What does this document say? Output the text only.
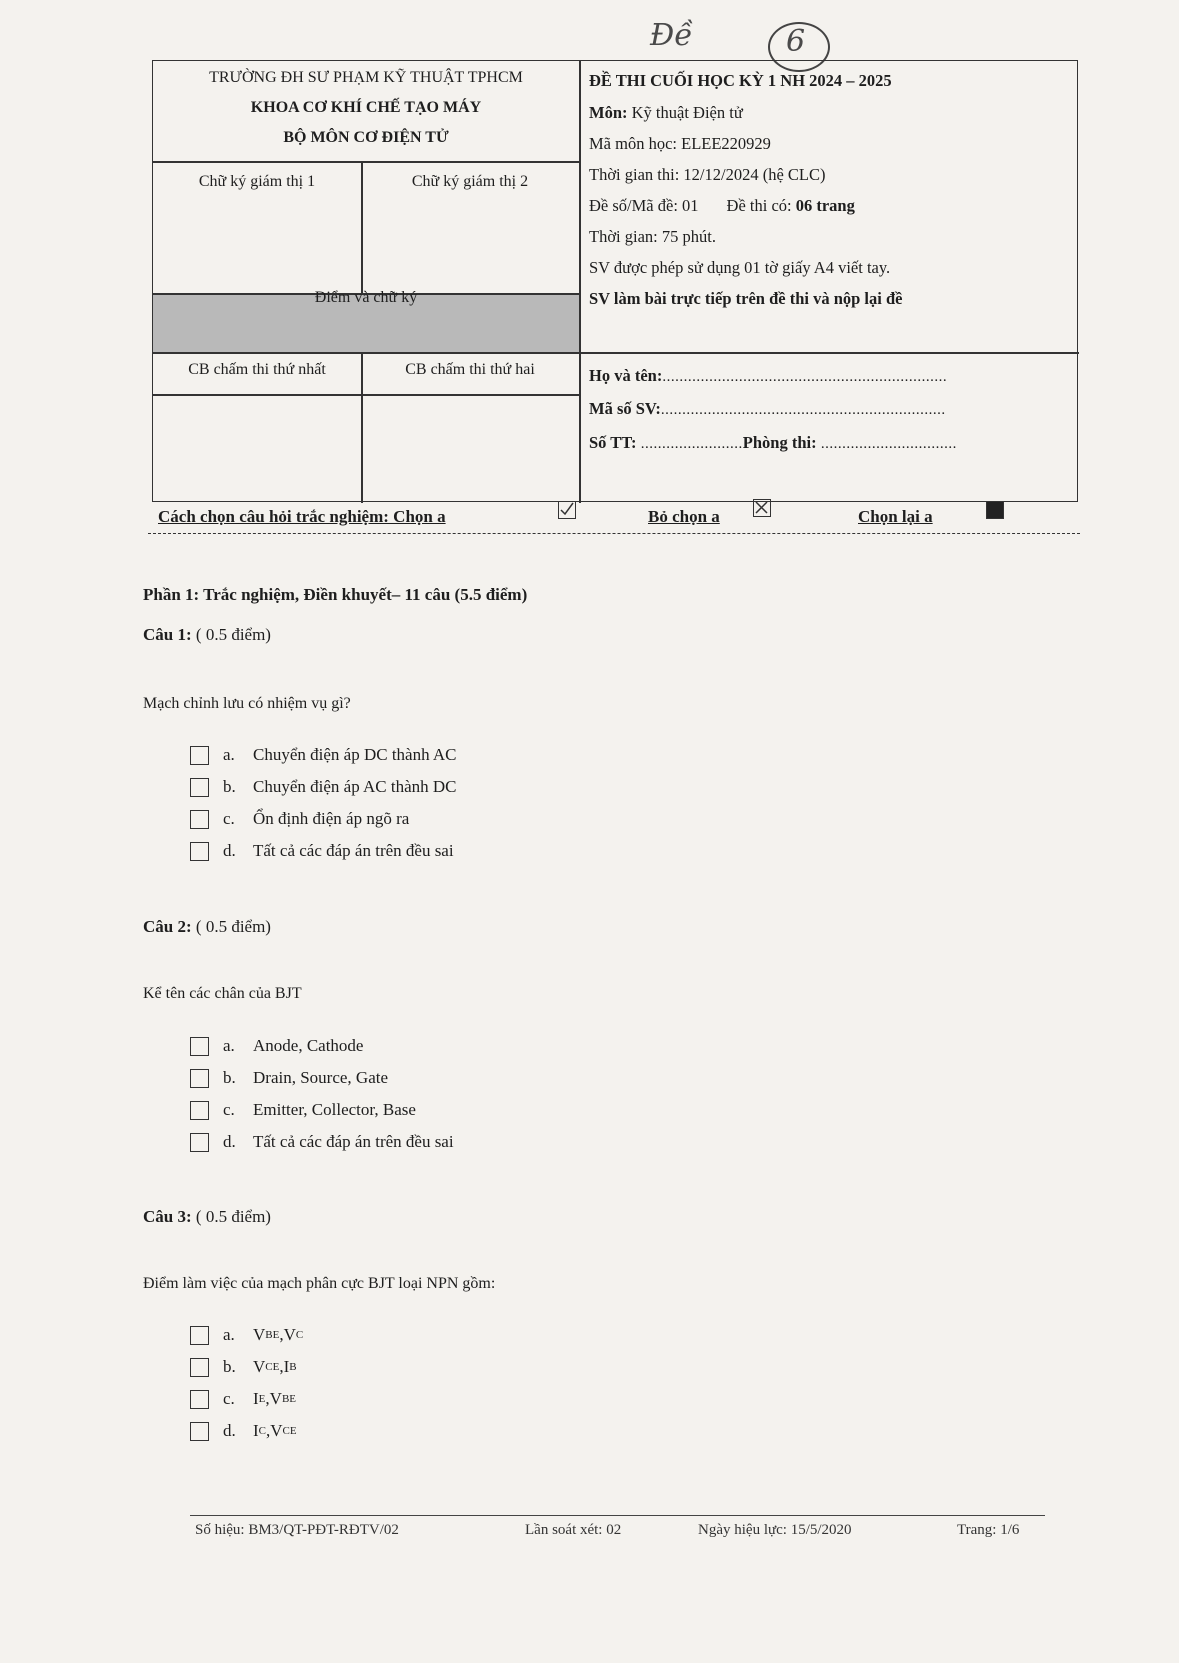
Đề	6
TRƯỜNG ĐH SƯ PHẠM KỸ THUẬT TPHCM
KHOA CƠ KHÍ CHẾ TẠO MÁY
BỘ MÔN CƠ ĐIỆN TỬ
Chữ ký giám thị 1	Chữ ký giám thị 2
Điểm và chữ ký
CB chấm thi thứ nhất	CB chấm thi thứ hai
ĐỀ THI CUỐI HỌC KỲ 1 NH 2024 – 2025
Môn: Kỹ thuật Điện tử
Mã môn học: ELEE220929
Thời gian thi: 12/12/2024 (hệ CLC)
Đề số/Mã đề: 01 Đề thi có: 06 trang
Thời gian: 75 phút.
SV được phép sử dụng 01 tờ giấy A4 viết tay.
SV làm bài trực tiếp trên đề thi và nộp lại đề
Họ và tên:...................................................................
Mã số SV:...................................................................
Số TT: ........................Phòng thi: ................................
Cách chọn câu hỏi trắc nghiệm: Chọn a	Bỏ chọn a	Chọn lại a
Phần 1: Trắc nghiệm, Điền khuyết– 11 câu (5.5 điểm)
Câu 1: ( 0.5 điểm)
Mạch chỉnh lưu có nhiệm vụ gì?
a.	Chuyển điện áp DC thành AC
b.	Chuyển điện áp AC thành DC
c.	Ổn định điện áp ngõ ra
d.	Tất cả các đáp án trên đều sai
Câu 2: ( 0.5 điểm)
Kể tên các chân của BJT
a.	Anode, Cathode
b.	Drain, Source, Gate
c.	Emitter, Collector, Base
d.	Tất cả các đáp án trên đều sai
Câu 3: ( 0.5 điểm)
Điểm làm việc của mạch phân cực BJT loại NPN gồm:
a.	V BE , V C
b.	V CE , I B
c.	I E , V BE
d.	I C , V CE
Số hiệu: BM3/QT-PĐT-RĐTV/02	Lần soát xét: 02	Ngày hiệu lực: 15/5/2020	Trang: 1/6
